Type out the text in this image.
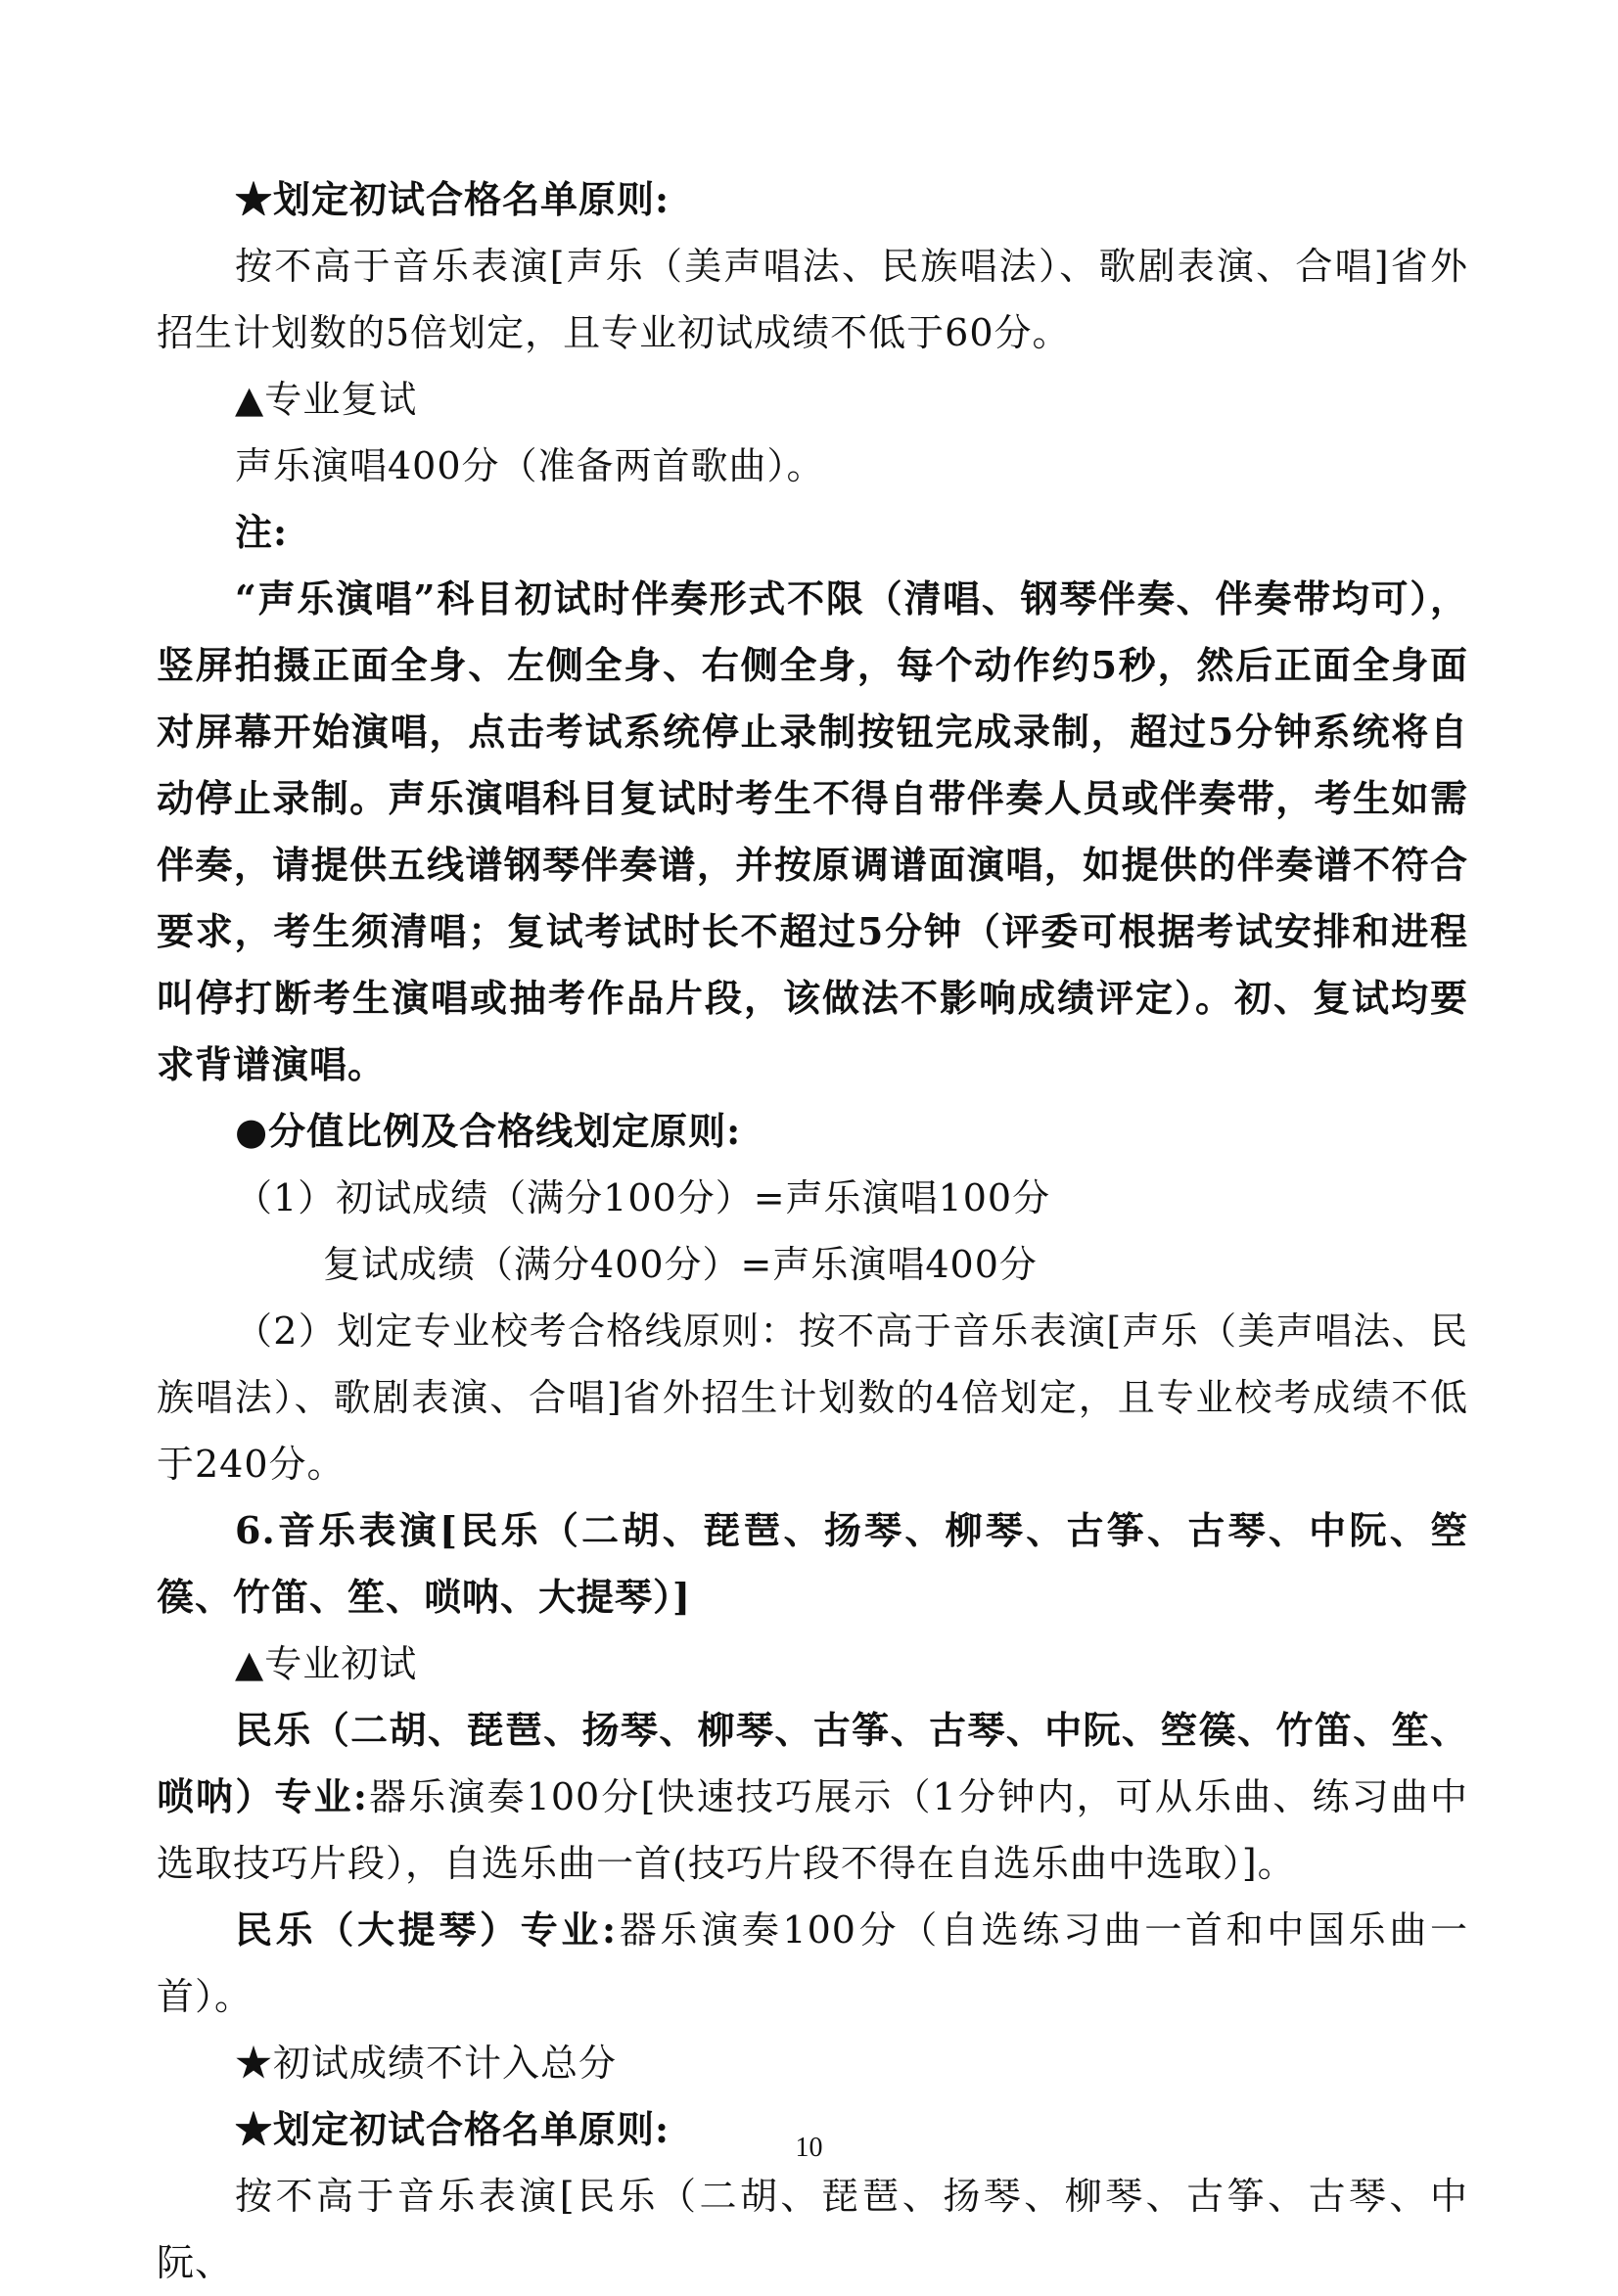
★划定初试合格名单原则:

按不高于音乐表演[声乐（美声唱法、民族唱法）、歌剧表演、合唱]省外招生计划数的5倍划定，且专业初试成绩不低于60分。

▲专业复试

声乐演唱400分（准备两首歌曲）。

注:

“声乐演唱”科目初试时伴奏形式不限（清唱、钢琴伴奏、伴奏带均可），竖屏拍摄正面全身、左侧全身、右侧全身，每个动作约5秒，然后正面全身面对屏幕开始演唱，点击考试系统停止录制按钮完成录制，超过5分钟系统将自动停止录制。声乐演唱科目复试时考生不得自带伴奏人员或伴奏带，考生如需伴奏，请提供五线谱钢琴伴奏谱，并按原调谱面演唱，如提供的伴奏谱不符合要求，考生须清唱；复试考试时长不超过5分钟（评委可根据考试安排和进程叫停打断考生演唱或抽考作品片段，该做法不影响成绩评定）。初、复试均要求背谱演唱。

●分值比例及合格线划定原则:

（1）初试成绩（满分100分）=声乐演唱100分

复试成绩（满分400分）=声乐演唱400分

（2）划定专业校考合格线原则：按不高于音乐表演[声乐（美声唱法、民族唱法）、歌剧表演、合唱]省外招生计划数的4倍划定，且专业校考成绩不低于240分。

6.音乐表演[民乐（二胡、琵琶、扬琴、柳琴、古筝、古琴、中阮、箜篌、竹笛、笙、唢呐、大提琴）]

▲专业初试

民乐（二胡、琵琶、扬琴、柳琴、古筝、古琴、中阮、箜篌、竹笛、笙、唢呐）专业:器乐演奏100分[快速技巧展示（1分钟内，可从乐曲、练习曲中选取技巧片段），自选乐曲一首(技巧片段不得在自选乐曲中选取）]。

民乐（大提琴）专业:器乐演奏100分（自选练习曲一首和中国乐曲一首）。

★初试成绩不计入总分

★划定初试合格名单原则:

按不高于音乐表演[民乐（二胡、琵琶、扬琴、柳琴、古筝、古琴、中阮、

10
